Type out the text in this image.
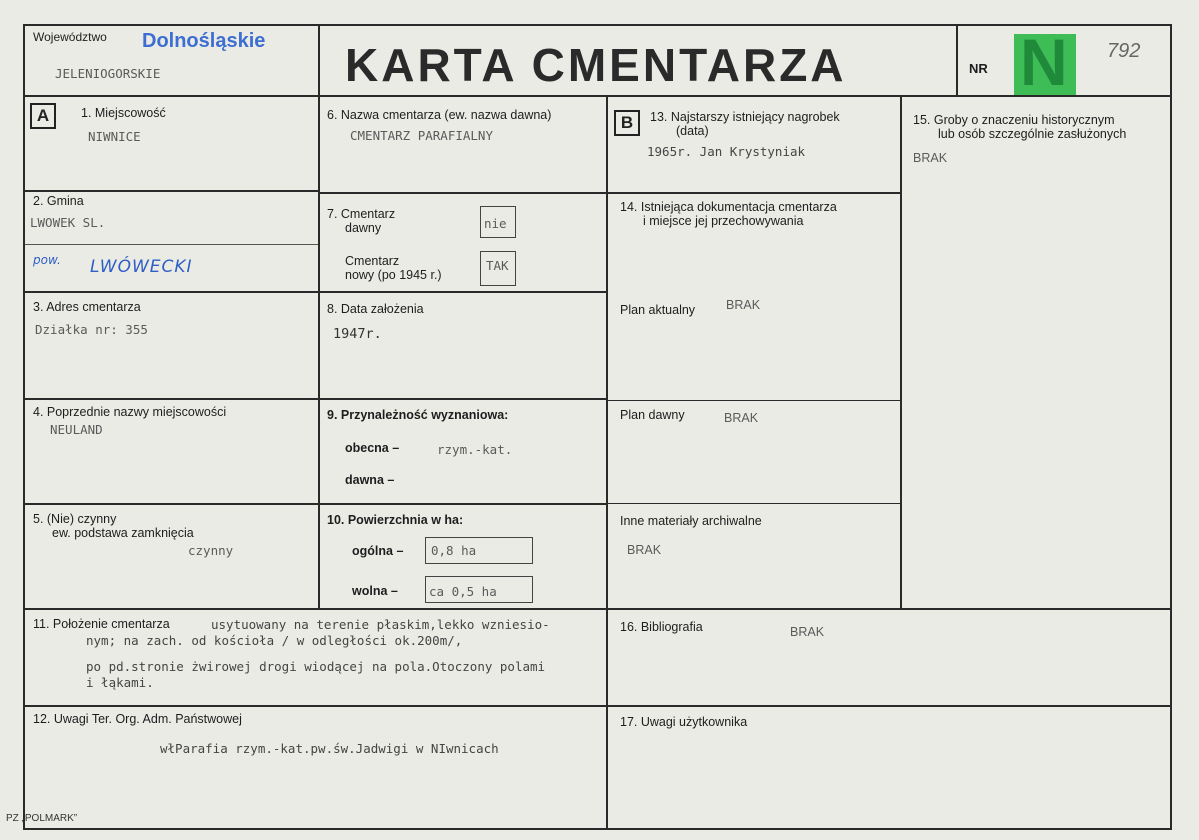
Województwo Dolnośląskie
JELENIOGORSKIE	KARTA CMENTARZA	NR N 792
A	1. Miejscowość
NIWNICE
2. Gmina
LWOWEK SL.
pow. LWÓWECKI
3. Adres cmentarza
Działka nr: 355
4. Poprzednie nazwy miejscowości
NEULAND
5. (Nie) czynny
ew. podstawa zamknięcia
czynny
6. Nazwa cmentarza (ew. nazwa dawna)
CMENTARZ PARAFIALNY
7. Cmentarz
dawny	nie
Cmentarz
nowy (po 1945 r.)
TAK
8. Data założenia
1947r.
9. Przynależność wyznaniowa:
obecna –	rzym.-kat.
dawna –
10. Powierzchnia w ha:
ogólna – 0,8 ha
wolna – ca 0,5 ha
B	13. Najstarszy istniejący nagrobek
(data)
1965r. Jan Krystyniak
14. Istniejąca dokumentacja cmentarza
i miejsce jej przechowywania
Plan aktualny BRAK
Plan dawny	BRAK
Inne materiały archiwalne
BRAK
15. Groby o znaczeniu historycznym
lub osób szczególnie zasłużonych
BRAK
11. Położenie cmentarza	usytuowany na terenie płaskim,lekko wzniesio-
nym; na zach. od kościoła / w odległości ok.200m/,
po pd.stronie żwirowej drogi wiodącej na pola.Otoczony polami
i łąkami.
16. Bibliografia	BRAK
12. Uwagi Ter. Org. Adm. Państwowej
włParafia rzym.-kat.pw.św.Jadwigi w NIwnicach
17. Uwagi użytkownika
PZ „POLMARK”
